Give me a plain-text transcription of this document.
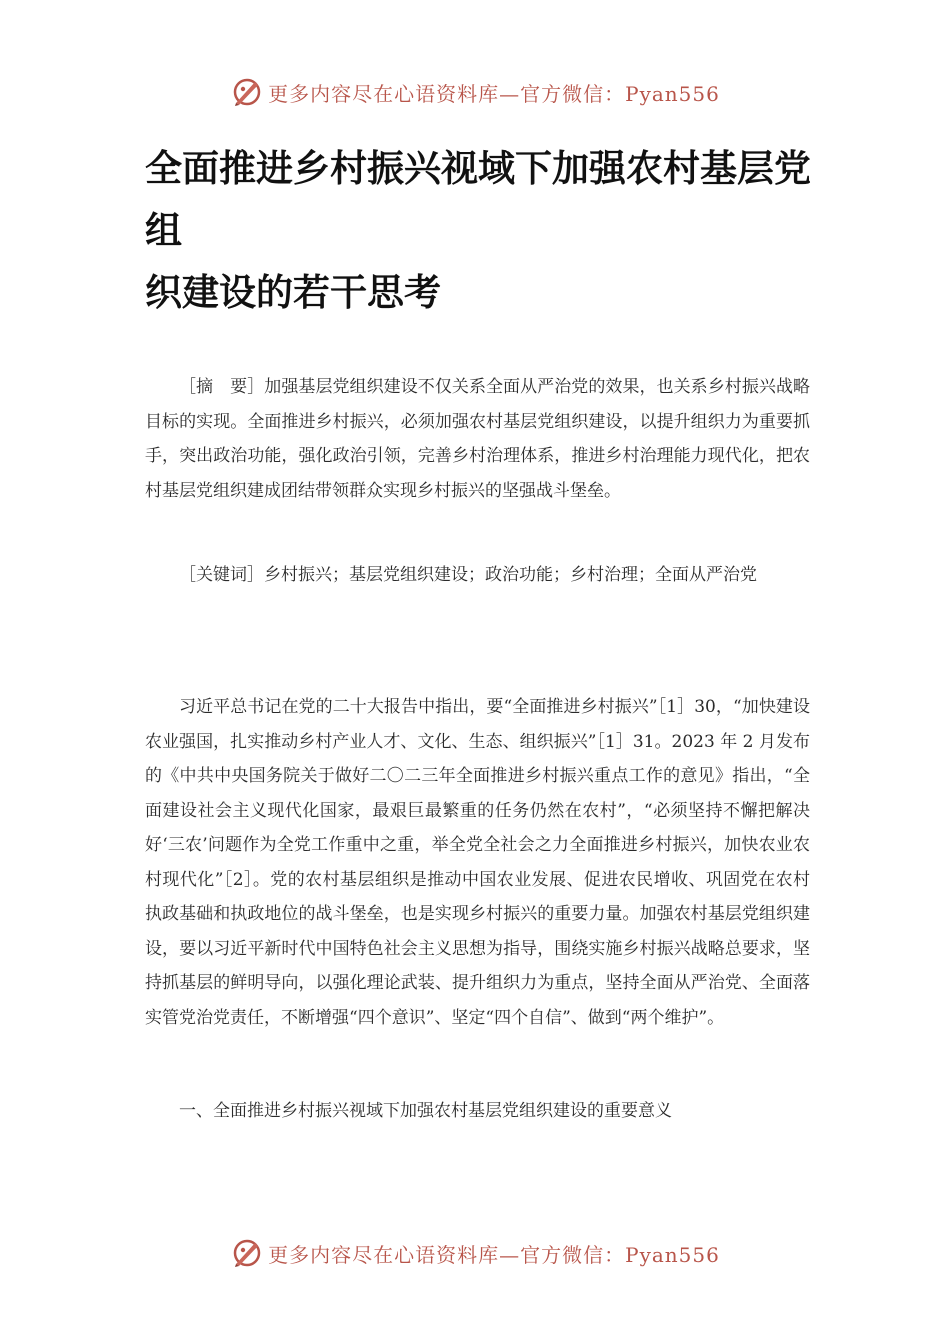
更多内容尽在心语资料库—官方微信：Pyan556
全面推进乡村振兴视域下加强农村基层党
组
织建设的若干思考

［摘　要］加强基层党组织建设不仅关系全面从严治党的效果，也关系乡村振兴战略目标的实现。全面推进乡村振兴，必须加强农村基层党组织建设，以提升组织力为重要抓手，突出政治功能，强化政治引领，完善乡村治理体系，推进乡村治理能力现代化，把农村基层党组织建成团结带领群众实现乡村振兴的坚强战斗堡垒。

［关键词］乡村振兴；基层党组织建设；政治功能；乡村治理；全面从严治党

习近平总书记在党的二十大报告中指出，要“全面推进乡村振兴”［1］30，“加快建设农业强国，扎实推动乡村产业人才、文化、生态、组织振兴”［1］31。2023 年 2 月发布的《中共中央国务院关于做好二〇二三年全面推进乡村振兴重点工作的意见》指出，“全面建设社会主义现代化国家，最艰巨最繁重的任务仍然在农村”，“必须坚持不懈把解决好‘三农’问题作为全党工作重中之重，举全党全社会之力全面推进乡村振兴，加快农业农村现代化”［2］。党的农村基层组织是推动中国农业发展、促进农民增收、巩固党在农村执政基础和执政地位的战斗堡垒，也是实现乡村振兴的重要力量。加强农村基层党组织建设，要以习近平新时代中国特色社会主义思想为指导，围绕实施乡村振兴战略总要求，坚持抓基层的鲜明导向，以强化理论武装、提升组织力为重点，坚持全面从严治党、全面落实管党治党责任，不断增强“四个意识”、坚定“四个自信”、做到“两个维护”。

一、全面推进乡村振兴视域下加强农村基层党组织建设的重要意义

更多内容尽在心语资料库—官方微信：Pyan556
